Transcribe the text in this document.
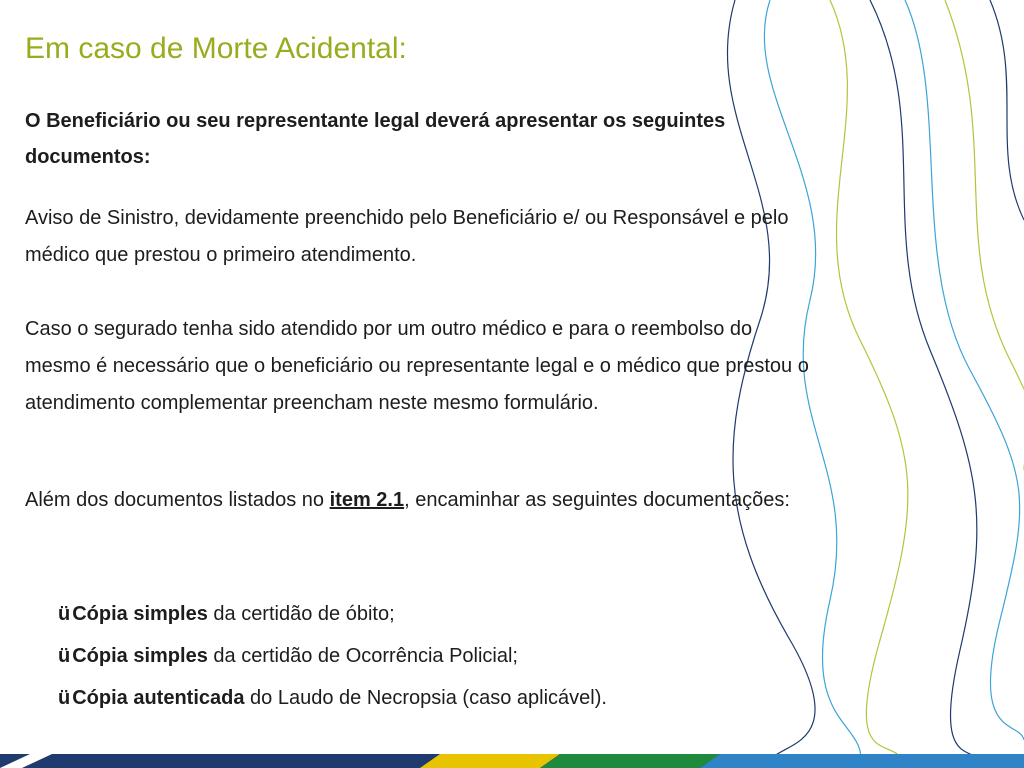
Em caso de Morte Acidental:

O Beneficiário ou seu representante legal deverá apresentar os seguintes documentos:

Aviso de Sinistro, devidamente preenchido pelo Beneficiário e/ ou Responsável e pelo médico que prestou o primeiro atendimento.

Caso o segurado tenha sido atendido por um outro médico e para o reembolso do mesmo é necessário que o beneficiário ou representante legal e o médico que prestou o atendimento complementar preencham neste mesmo formulário.

Além dos documentos listados no item 2.1, encaminhar as seguintes documentações:

ü Cópia simples da certidão de óbito;
ü Cópia simples da certidão de Ocorrência Policial;
ü Cópia autenticada do Laudo de Necropsia (caso aplicável).
